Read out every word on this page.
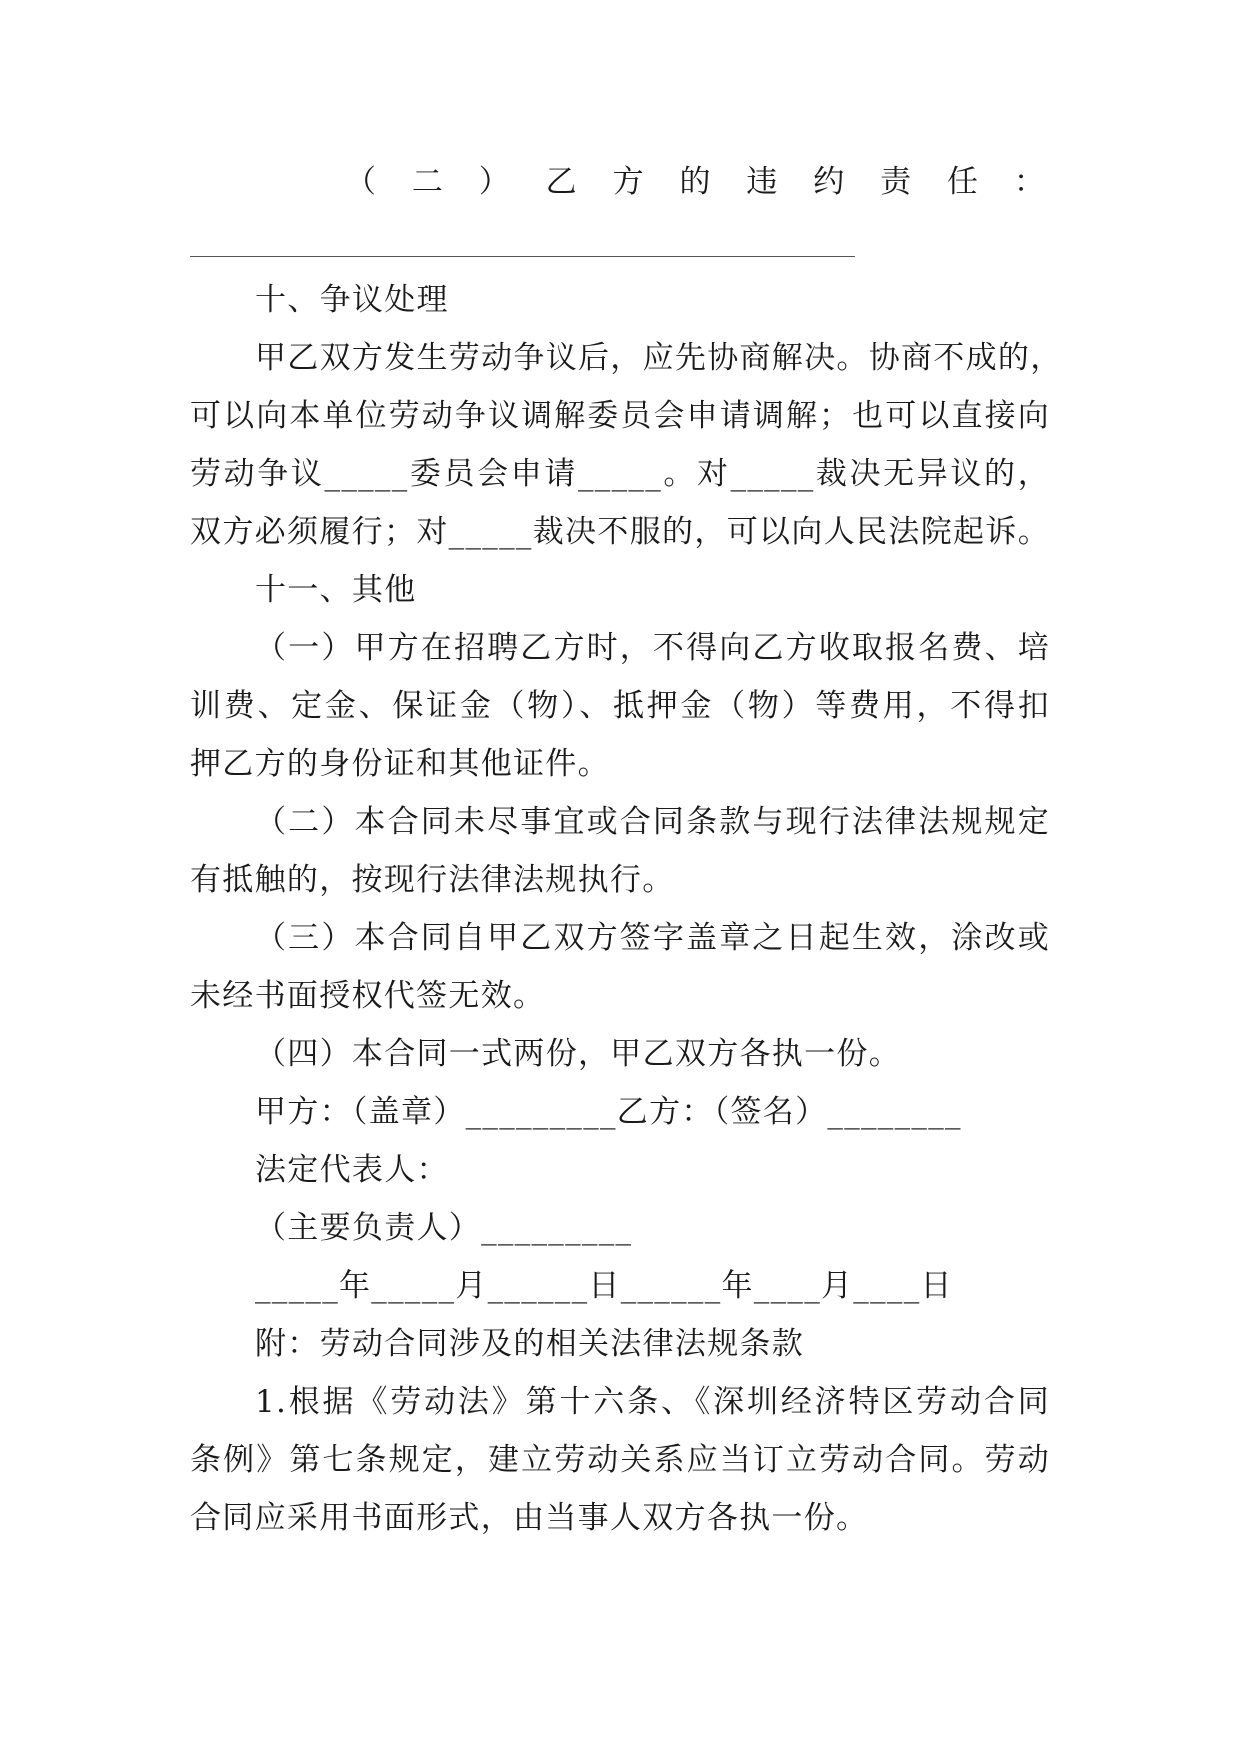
（ 二 ） 乙 方 的 违 约 责 任 ：
十、争议处理
甲乙双方发生劳动争议后，应先协商解决。协商不成的，
可以向本单位劳动争议调解委员会申请调解；也可以直接向
劳动争议_____委员会申请_____。对_____裁决无异议的，
双方必须履行；对_____裁决不服的，可以向人民法院起诉。
十一、其他
（一）甲方在招聘乙方时，不得向乙方收取报名费、培
训费、定金、保证金（物）、抵押金（物）等费用，不得扣
押乙方的身份证和其他证件。
（二）本合同未尽事宜或合同条款与现行法律法规规定
有抵触的，按现行法律法规执行。
（三）本合同自甲乙双方签字盖章之日起生效，涂改或
未经书面授权代签无效。
（四）本合同一式两份，甲乙双方各执一份。
甲方：（盖章）_________乙方：（签名）________
法定代表人：
（主要负责人）_________
_____年_____月______日______年____月____日
附：劳动合同涉及的相关法律法规条款
1.根据《劳动法》第十六条、《深圳经济特区劳动合同
条例》第七条规定，建立劳动关系应当订立劳动合同。劳动
合同应采用书面形式，由当事人双方各执一份。
